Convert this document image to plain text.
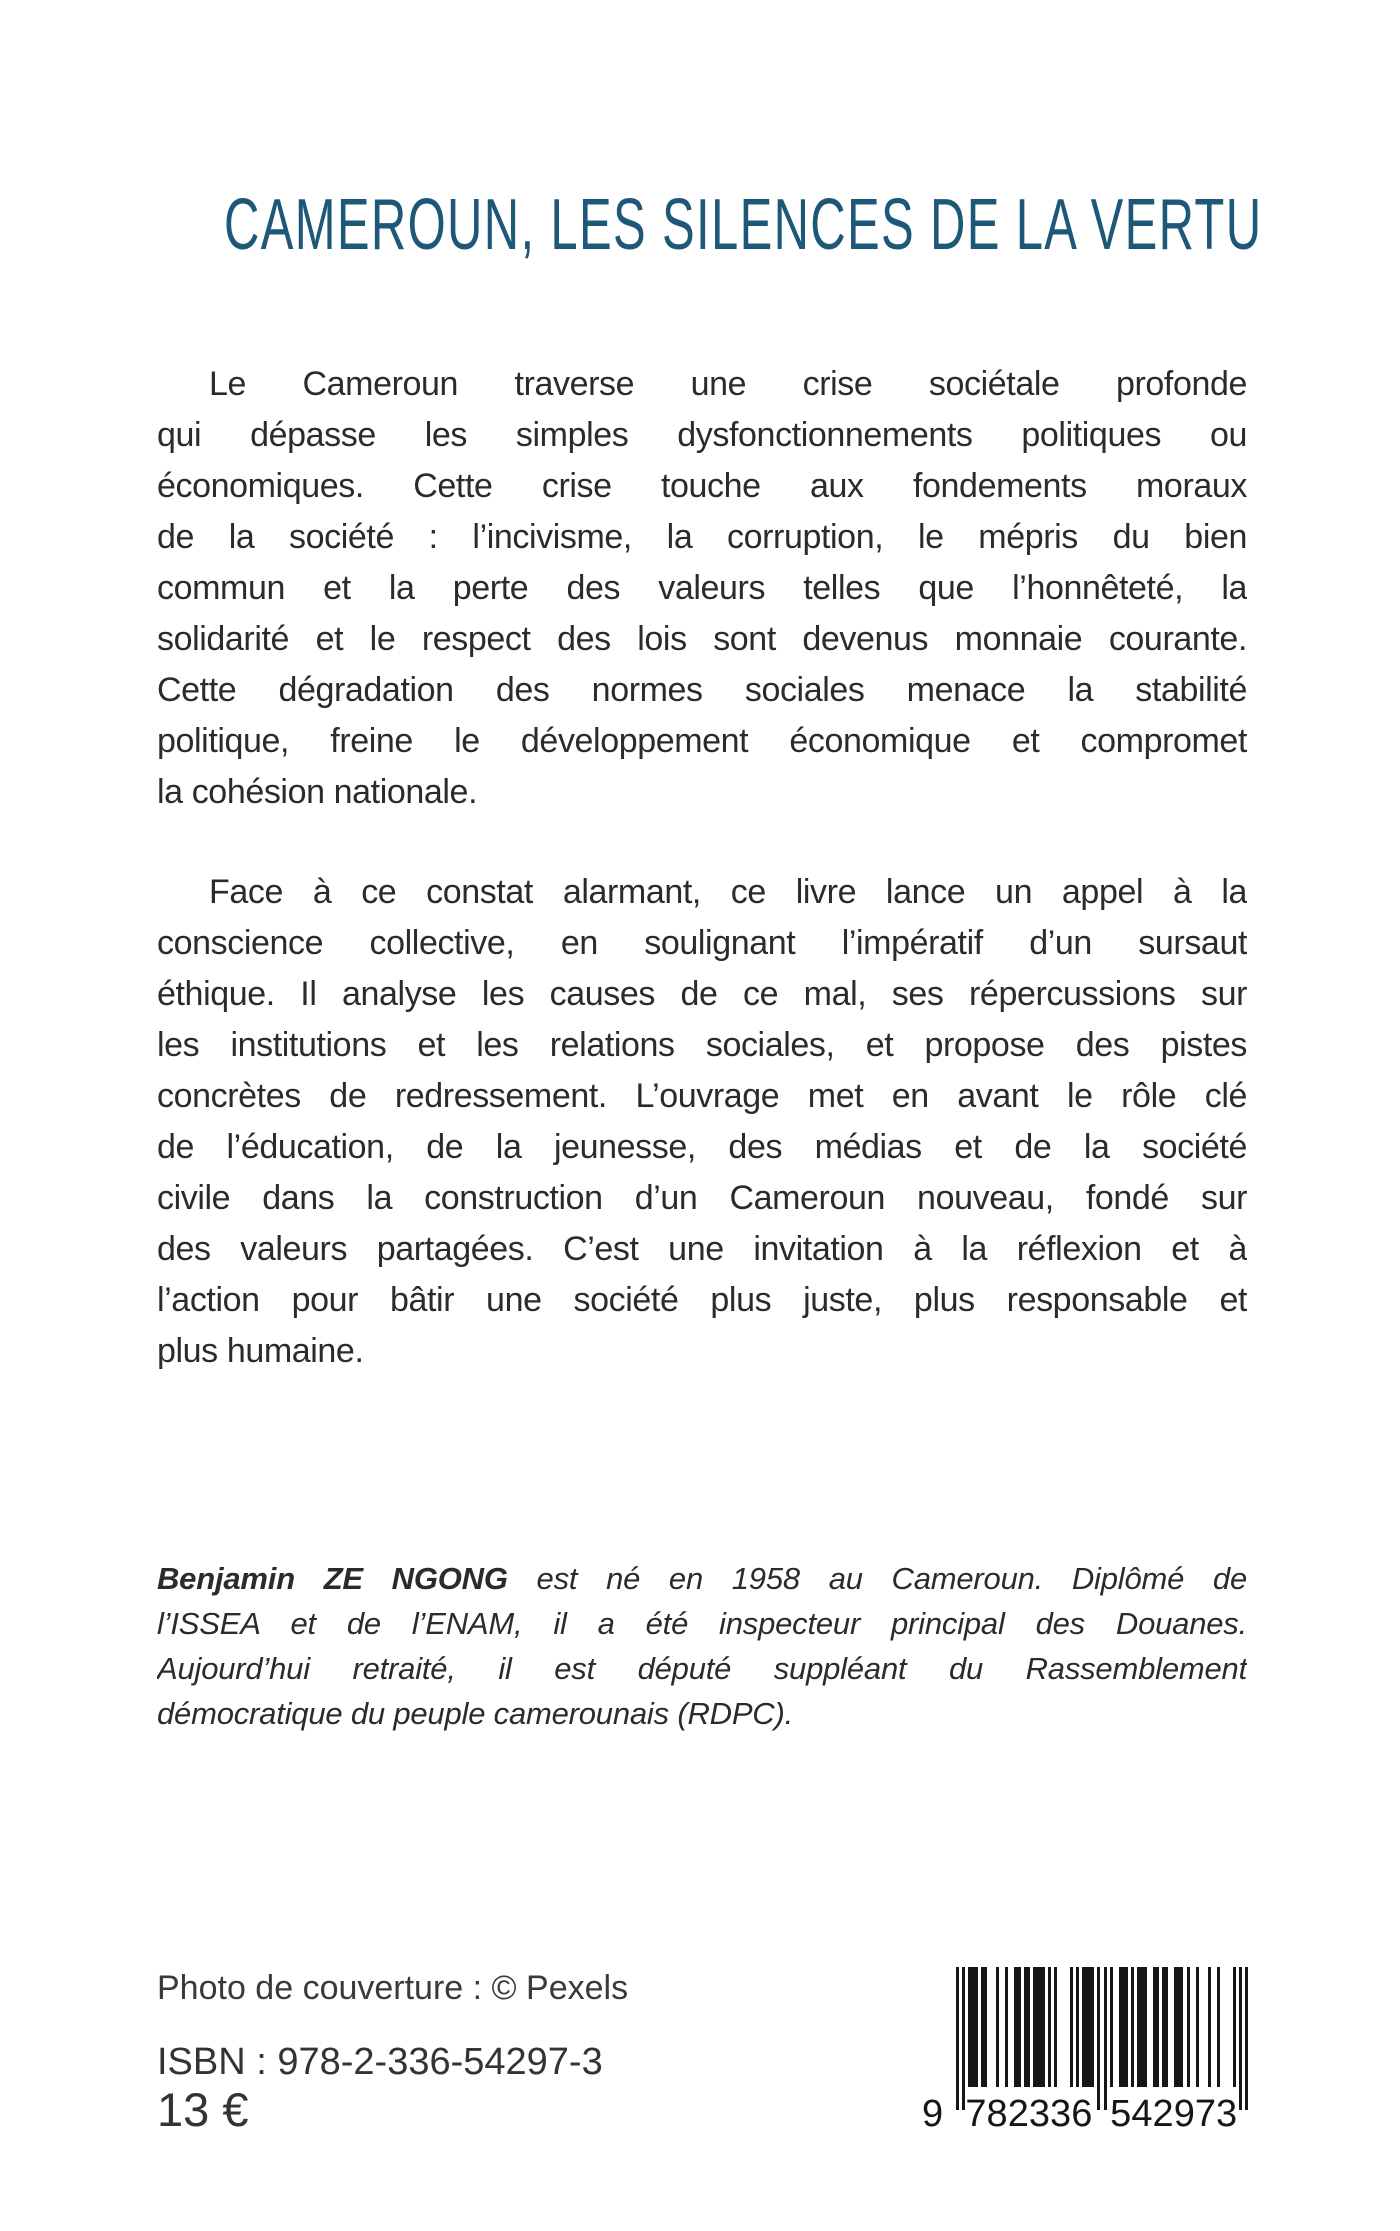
CAMEROUN, LES SILENCES DE LA VERTU
Le Cameroun traverse une crise sociétale profonde
qui dépasse les simples dysfonctionnements politiques ou
économiques. Cette crise touche aux fondements moraux
de la société : l’incivisme, la corruption, le mépris du bien
commun et la perte des valeurs telles que l’honnêteté, la
solidarité et le respect des lois sont devenus monnaie courante.
Cette dégradation des normes sociales menace la stabilité
politique, freine le développement économique et compromet
la cohésion nationale.
Face à ce constat alarmant, ce livre lance un appel à la
conscience collective, en soulignant l’impératif d’un sursaut
éthique. Il analyse les causes de ce mal, ses répercussions sur
les institutions et les relations sociales, et propose des pistes
concrètes de redressement. L’ouvrage met en avant le rôle clé
de l’éducation, de la jeunesse, des médias et de la société
civile dans la construction d’un Cameroun nouveau, fondé sur
des valeurs partagées. C’est une invitation à la réflexion et à
l’action pour bâtir une société plus juste, plus responsable et
plus humaine.
Benjamin ZE NGONG est né en 1958 au Cameroun. Diplômé de
l’ISSEA et de l’ENAM, il a été inspecteur principal des Douanes.
Aujourd’hui retraité, il est député suppléant du Rassemblement
démocratique du peuple camerounais (RDPC).
Photo de couverture : © Pexels
ISBN : 978-2-336-54297-3
13 €	9 7 8 2 3 3 6 5 4 2 9 7 3
